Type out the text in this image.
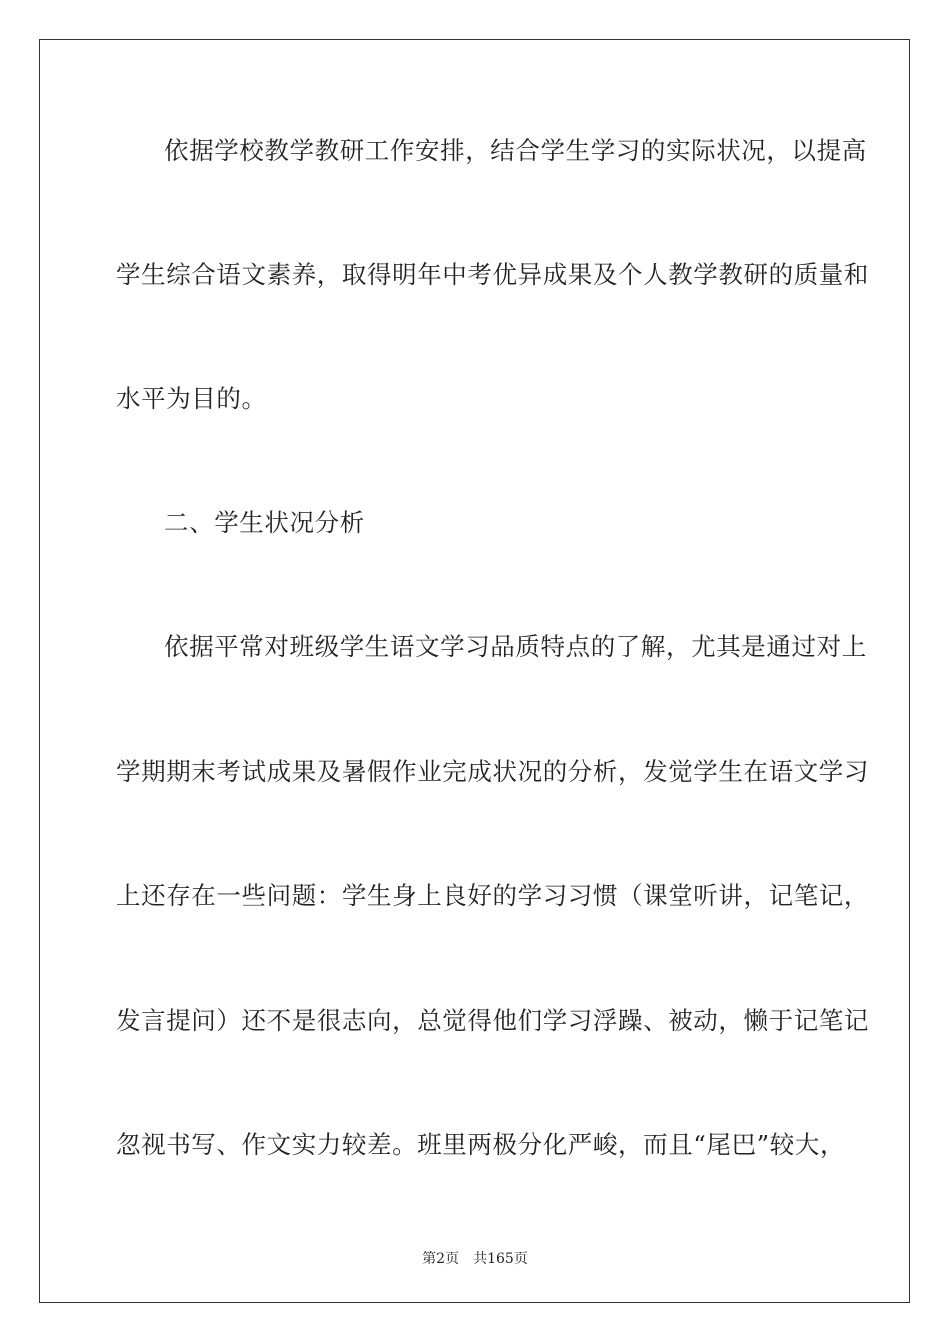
依据学校教学教研工作安排，结合学生学习的实际状况，以提高
学生综合语文素养，取得明年中考优异成果及个人教学教研的质量和
水平为目的。
二、学生状况分析
依据平常对班级学生语文学习品质特点的了解，尤其是通过对上
学期期末考试成果及暑假作业完成状况的分析，发觉学生在语文学习
上还存在一些问题：学生身上良好的学习习惯（课堂听讲，记笔记，
发言提问）还不是很志向，总觉得他们学习浮躁、被动，懒于记笔记
忽视书写、作文实力较差。班里两极分化严峻，而且“尾巴”较大，
第2页 共165页
